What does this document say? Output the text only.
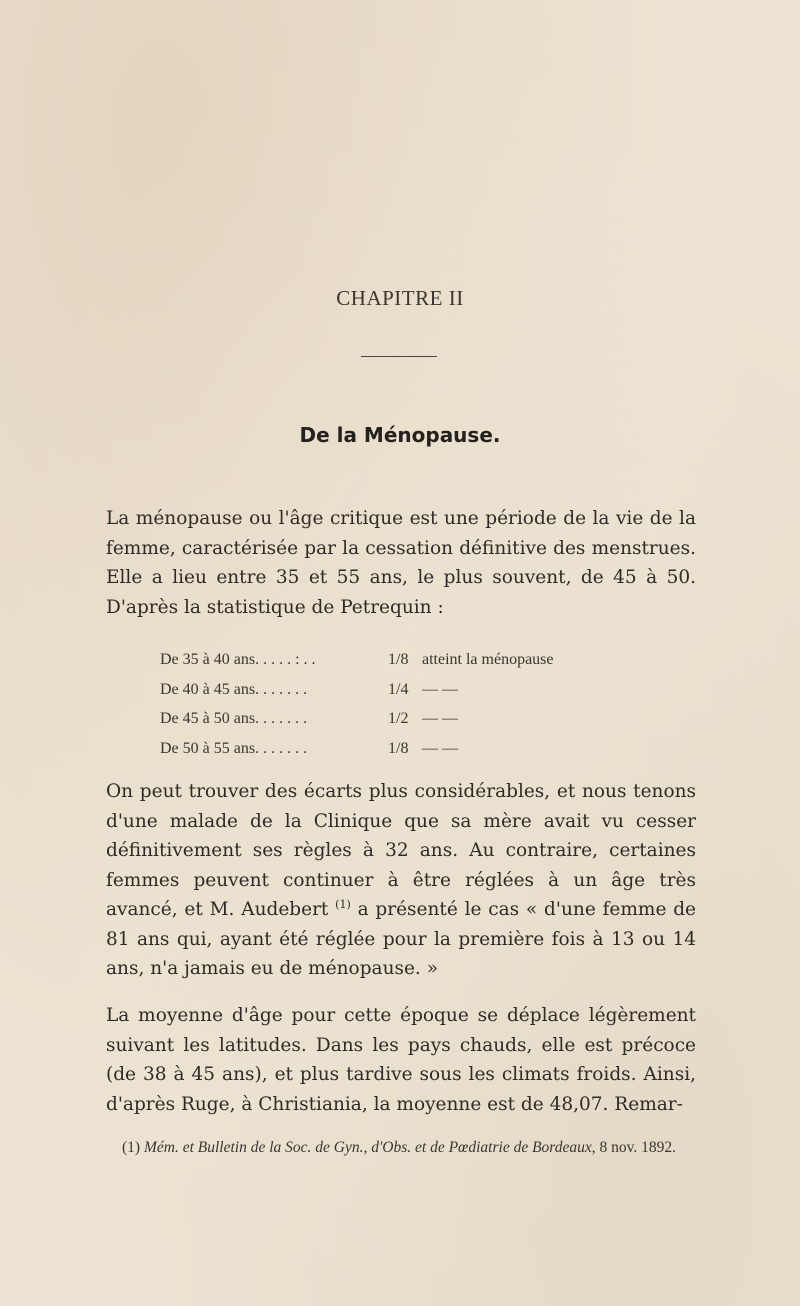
CHAPITRE II
De la Ménopause.

La ménopause ou l'âge critique est une période de la vie de la femme, caractérisée par la cessation définitive des menstrues. Elle a lieu entre 35 et 55 ans, le plus souvent, de 45 à 50. D'après la statistique de Petrequin :

De 35 à 40 ans. . . . . : . .	1/8 atteint la ménopause
De 40 à 45 ans. . . . . . .	1/4 — —
De 45 à 50 ans. . . . . . .	1/2 — —
De 50 à 55 ans. . . . . . .	1/8 — —

On peut trouver des écarts plus considérables, et nous tenons d'une malade de la Clinique que sa mère avait vu cesser définitivement ses règles à 32 ans. Au contraire, certaines femmes peuvent continuer à être réglées à un âge très avancé, et M. Audebert $^{(1)}$ a présenté le cas « d'une femme de 81 ans qui, ayant été réglée pour la première fois à 13 ou 14 ans, n'a jamais eu de ménopause. »

La moyenne d'âge pour cette époque se déplace légèrement suivant les latitudes. Dans les pays chauds, elle est précoce (de 38 à 45 ans), et plus tardive sous les climats froids. Ainsi, d'après Ruge, à Christiania, la moyenne est de 48,07. Remar-

(1) Mém. et Bulletin de la Soc. de Gyn., d'Obs. et de Pœdiatrie de Bordeaux, 8 nov. 1892.
